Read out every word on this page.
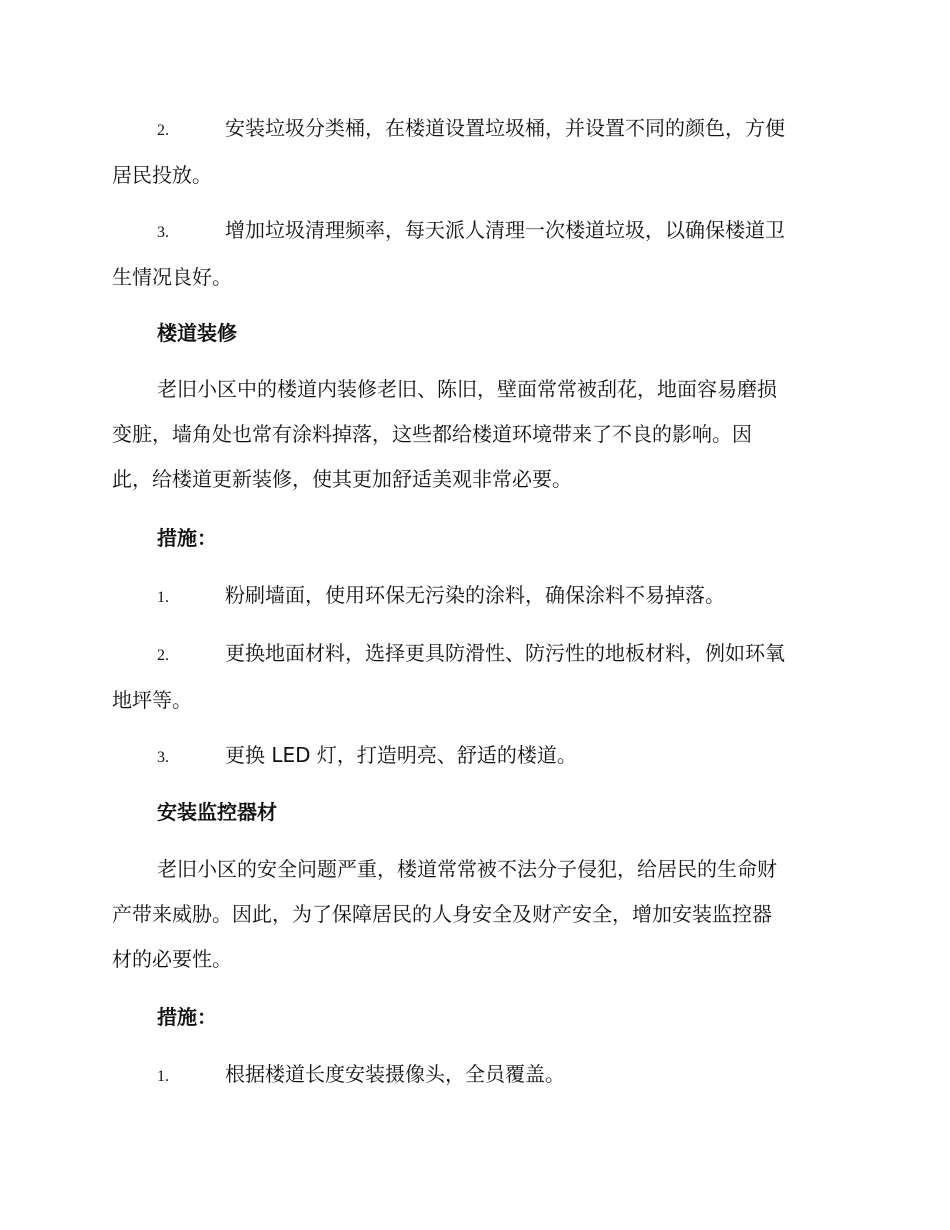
2.	安装垃圾分类桶，在楼道设置垃圾桶，并设置不同的颜色，方便
居民投放。
3.	增加垃圾清理频率，每天派人清理一次楼道垃圾，以确保楼道卫
生情况良好。
楼道装修
老旧小区中的楼道内装修老旧、陈旧，壁面常常被刮花，地面容易磨损
变脏，墙角处也常有涂料掉落，这些都给楼道环境带来了不良的影响。因
此，给楼道更新装修，使其更加舒适美观非常必要。
措施：
1.	粉刷墙面，使用环保无污染的涂料，确保涂料不易掉落。
2.	更换地面材料，选择更具防滑性、防污性的地板材料，例如环氧
地坪等。
3.	更换 LED 灯，打造明亮、舒适的楼道。
安装监控器材
老旧小区的安全问题严重，楼道常常被不法分子侵犯，给居民的生命财
产带来威胁。因此，为了保障居民的人身安全及财产安全，增加安装监控器
材的必要性。
措施：
1.	根据楼道长度安装摄像头，全员覆盖。
